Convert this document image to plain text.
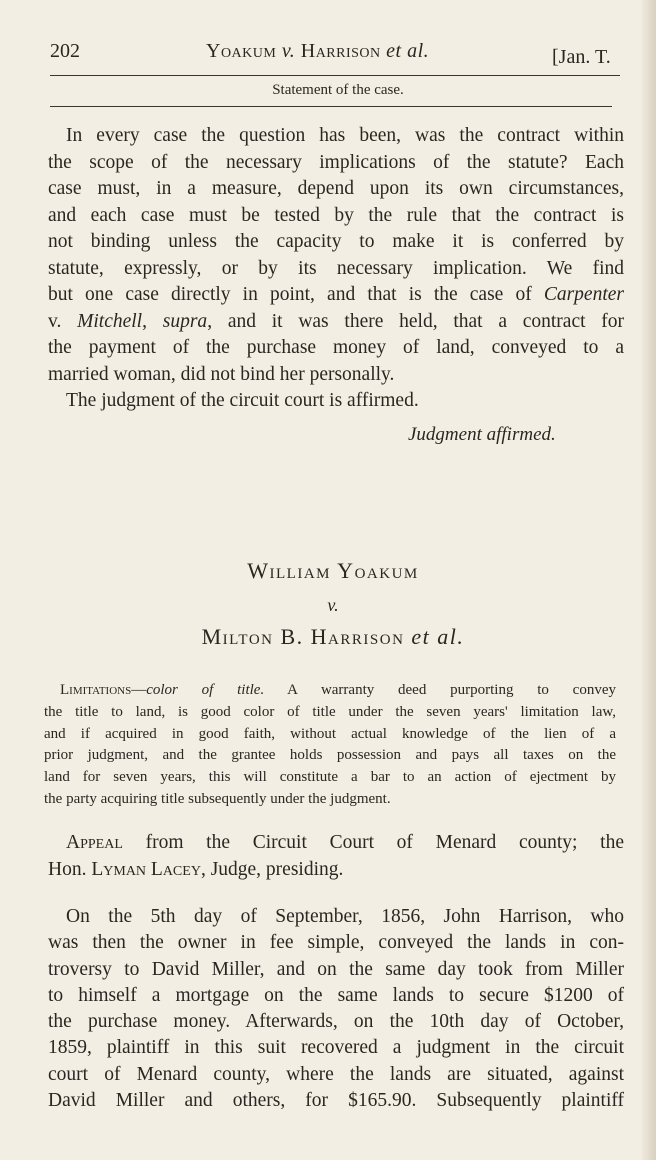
202	Yoakum v. Harrison et al.	[Jan. T.
Statement of the case.
In every case the question has been, was the contract within
the scope of the necessary implications of the statute? Each
case must, in a measure, depend upon its own circumstances,
and each case must be tested by the rule that the contract is
not binding unless the capacity to make it is conferred by
statute, expressly, or by its necessary implication. We find
but one case directly in point, and that is the case of Carpenter
v. Mitchell, supra, and it was there held, that a contract for
the payment of the purchase money of land, conveyed to a
married woman, did not bind her personally.
The judgment of the circuit court is affirmed.
Judgment affirmed.
William Yoakum
v.
Milton B. Harrison et al.
Limitations—color of title. A warranty deed purporting to convey
the title to land, is good color of title under the seven years' limitation law,
and if acquired in good faith, without actual knowledge of the lien of a
prior judgment, and the grantee holds possession and pays all taxes on the
land for seven years, this will constitute a bar to an action of ejectment by
the party acquiring title subsequently under the judgment.
Appeal from the Circuit Court of Menard county; the
Hon. Lyman Lacey, Judge, presiding.
On the 5th day of September, 1856, John Harrison, who
was then the owner in fee simple, conveyed the lands in con-
troversy to David Miller, and on the same day took from Miller
to himself a mortgage on the same lands to secure $1200 of
the purchase money. Afterwards, on the 10th day of October,
1859, plaintiff in this suit recovered a judgment in the circuit
court of Menard county, where the lands are situated, against
David Miller and others, for $165.90. Subsequently plaintiff
